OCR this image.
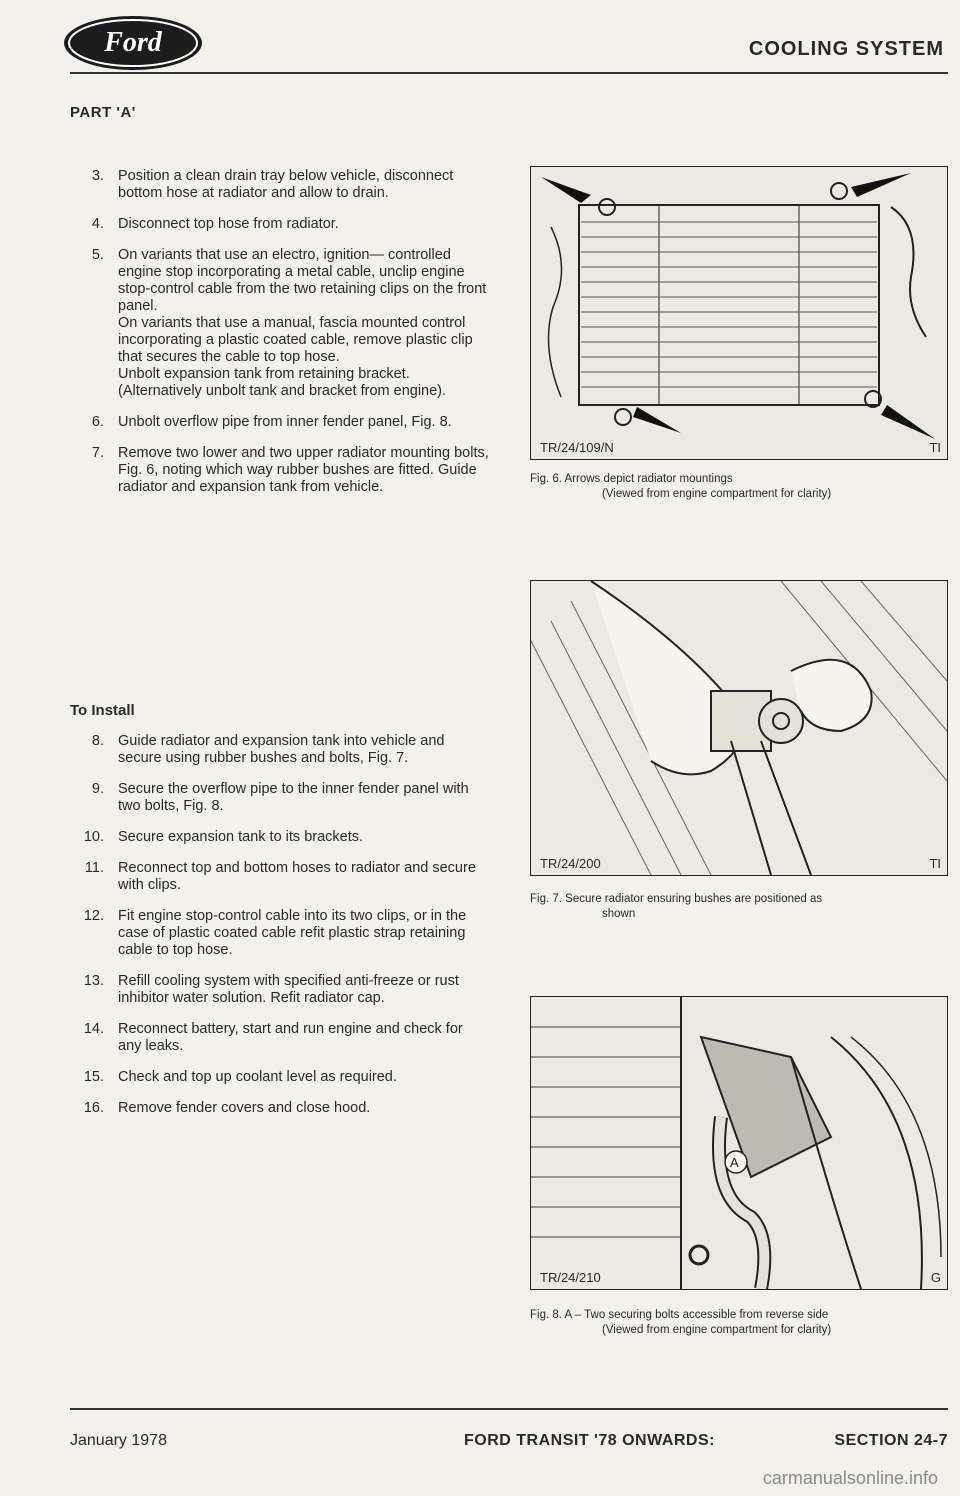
Ford	COOLING SYSTEM
PART 'A'
3. Position a clean drain tray below vehicle, disconnect bottom hose at radiator and allow to drain.
4. Disconnect top hose from radiator.
5. On variants that use an electro, ignition— controlled engine stop incorporating a metal cable, unclip engine stop-control cable from the two retaining clips on the front panel.

On variants that use a manual, fascia mounted control incorporating a plastic coated cable, remove plastic clip that secures the cable to top hose.

Unbolt expansion tank from retaining bracket. (Alternatively unbolt tank and bracket from engine).

6. Unbolt overflow pipe from inner fender panel, Fig. 8.
7. Remove two lower and two upper radiator mounting bolts, Fig. 6, noting which way rubber bushes are fitted. Guide radiator and expansion tank from vehicle.
To Install
8. Guide radiator and expansion tank into vehicle and secure using rubber bushes and bolts, Fig. 7.
9. Secure the overflow pipe to the inner fender panel with two bolts, Fig. 8.
10. Secure expansion tank to its brackets.
11. Reconnect top and bottom hoses to radiator and secure with clips.
12. Fit engine stop-control cable into its two clips, or in the case of plastic coated cable refit plastic strap retaining cable to top hose.
13. Refill cooling system with specified anti-freeze or rust inhibitor water solution. Refit radiator cap.
14. Reconnect battery, start and run engine and check for any leaks.
15. Check and top up coolant level as required.
16. Remove fender covers and close hood.
TR/24/109/N	TI
Fig. 6. Arrows depict radiator mountings
(Viewed from engine compartment for clarity)
TR/24/200	TI
Fig. 7. Secure radiator ensuring bushes are positioned as
shown
A
TR/24/210	G
Fig. 8. A – Two securing bolts accessible from reverse side
(Viewed from engine compartment for clarity)
January 1978	FORD TRANSIT '78 ONWARDS:	SECTION 24-7
carmanualsonline.info
